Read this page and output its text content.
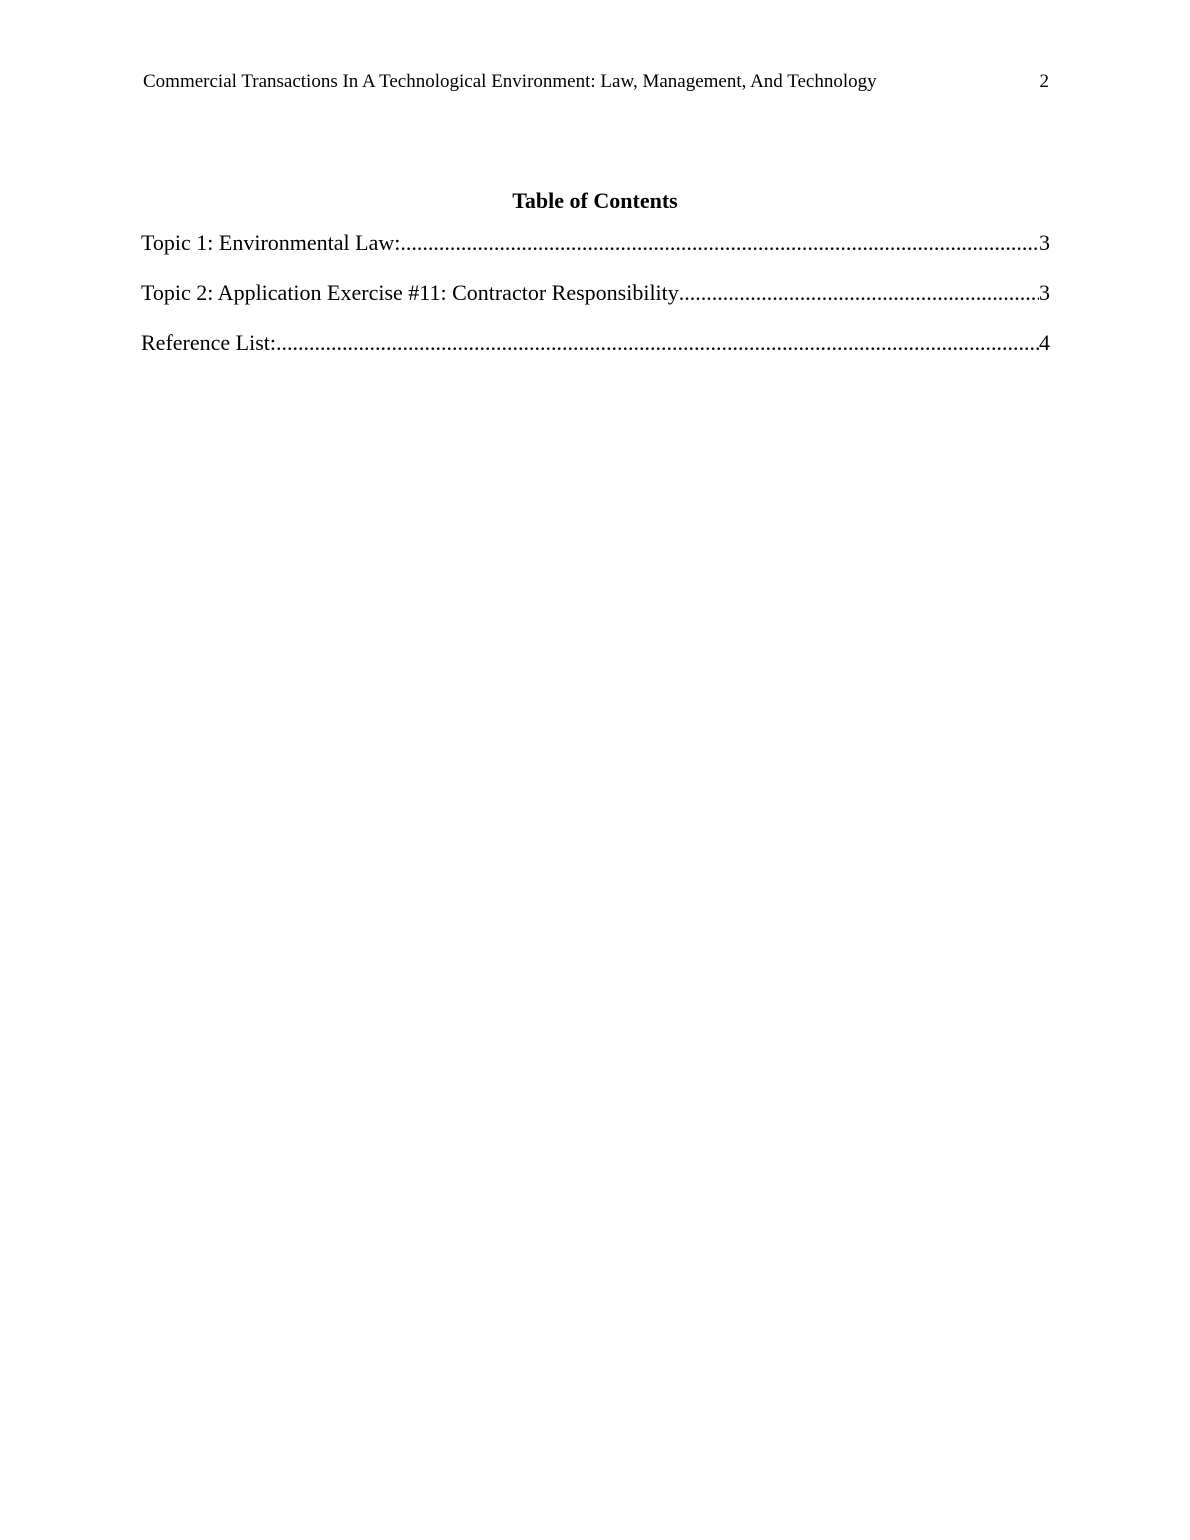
Commercial Transactions In A Technological Environment: Law, Management, And Technology	2
Table of Contents
Topic 1: Environmental Law: .....	3
Topic 2: Application Exercise #11: Contractor Responsibility .....	3
Reference List: .....	4
